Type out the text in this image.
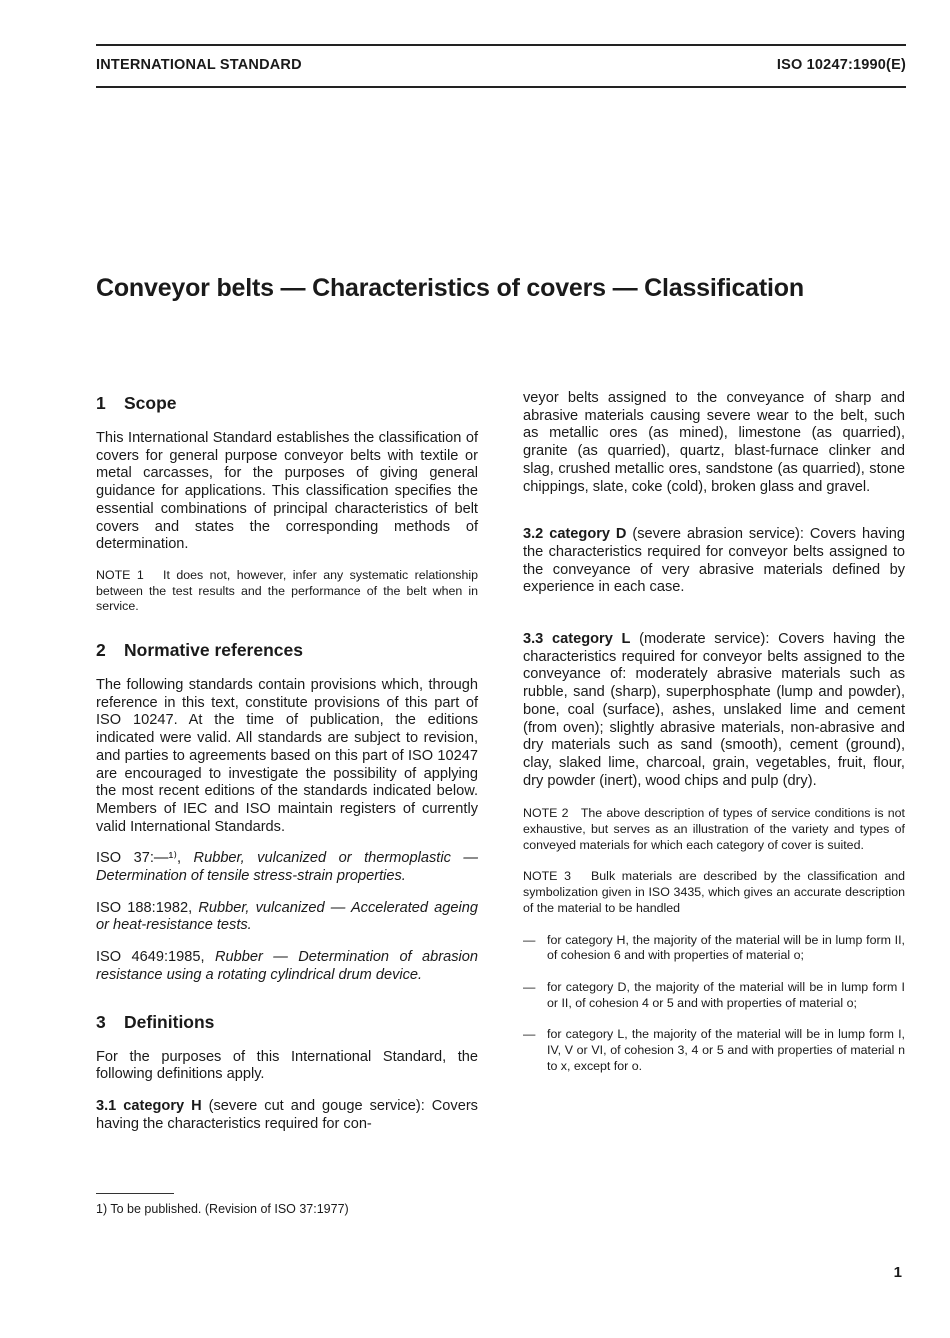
INTERNATIONAL STANDARD	ISO 10247:1990(E)
Conveyor belts — Characteristics of covers — Classification
1 Scope

This International Standard establishes the classification of covers for general purpose conveyor belts with textile or metal carcasses, for the purposes of giving general guidance for applications. This classification specifies the essential combinations of principal characteristics of belt covers and states the corresponding methods of determination.

NOTE 1 It does not, however, infer any systematic relationship between the test results and the performance of the belt when in service.

2 Normative references

The following standards contain provisions which, through reference in this text, constitute provisions of this part of ISO 10247. At the time of publication, the editions indicated were valid. All standards are subject to revision, and parties to agreements based on this part of ISO 10247 are encouraged to investigate the possibility of applying the most recent editions of the standards indicated below. Members of IEC and ISO maintain registers of currently valid International Standards.

ISO 37:—¹⁾, Rubber, vulcanized or thermoplastic — Determination of tensile stress-strain properties.

ISO 188:1982, Rubber, vulcanized — Accelerated ageing or heat-resistance tests.

ISO 4649:1985, Rubber — Determination of abrasion resistance using a rotating cylindrical drum device.

3 Definitions

For the purposes of this International Standard, the following definitions apply.

3.1 category H (severe cut and gouge service): Covers having the characteristics required for con-

veyor belts assigned to the conveyance of sharp and abrasive materials causing severe wear to the belt, such as metallic ores (as mined), limestone (as quarried), granite (as quarried), quartz, blast-furnace clinker and slag, crushed metallic ores, sandstone (as quarried), stone chippings, slate, coke (cold), broken glass and gravel.

3.2 category D (severe abrasion service): Covers having the characteristics required for conveyor belts assigned to the conveyance of very abrasive materials defined by experience in each case.

3.3 category L (moderate service): Covers having the characteristics required for conveyor belts assigned to the conveyance of: moderately abrasive materials such as rubble, sand (sharp), superphosphate (lump and powder), bone, coal (surface), ashes, unslaked lime and cement (from oven); slightly abrasive materials, non-abrasive and dry materials such as sand (smooth), cement (ground), clay, slaked lime, charcoal, grain, vegetables, fruit, flour, dry powder (inert), wood chips and pulp (dry).

NOTE 2 The above description of types of service conditions is not exhaustive, but serves as an illustration of the variety and types of conveyed materials for which each category of cover is suited.

NOTE 3 Bulk materials are described by the classification and symbolization given in ISO 3435, which gives an accurate description of the material to be handled

— for category H, the majority of the material will be in lump form II, of cohesion 6 and with properties of material o;

— for category D, the majority of the material will be in lump form I or II, of cohesion 4 or 5 and with properties of material o;

— for category L, the majority of the material will be in lump form I, IV, V or VI, of cohesion 3, 4 or 5 and with properties of material n to x, except for o.

1) To be published. (Revision of ISO 37:1977)
1
